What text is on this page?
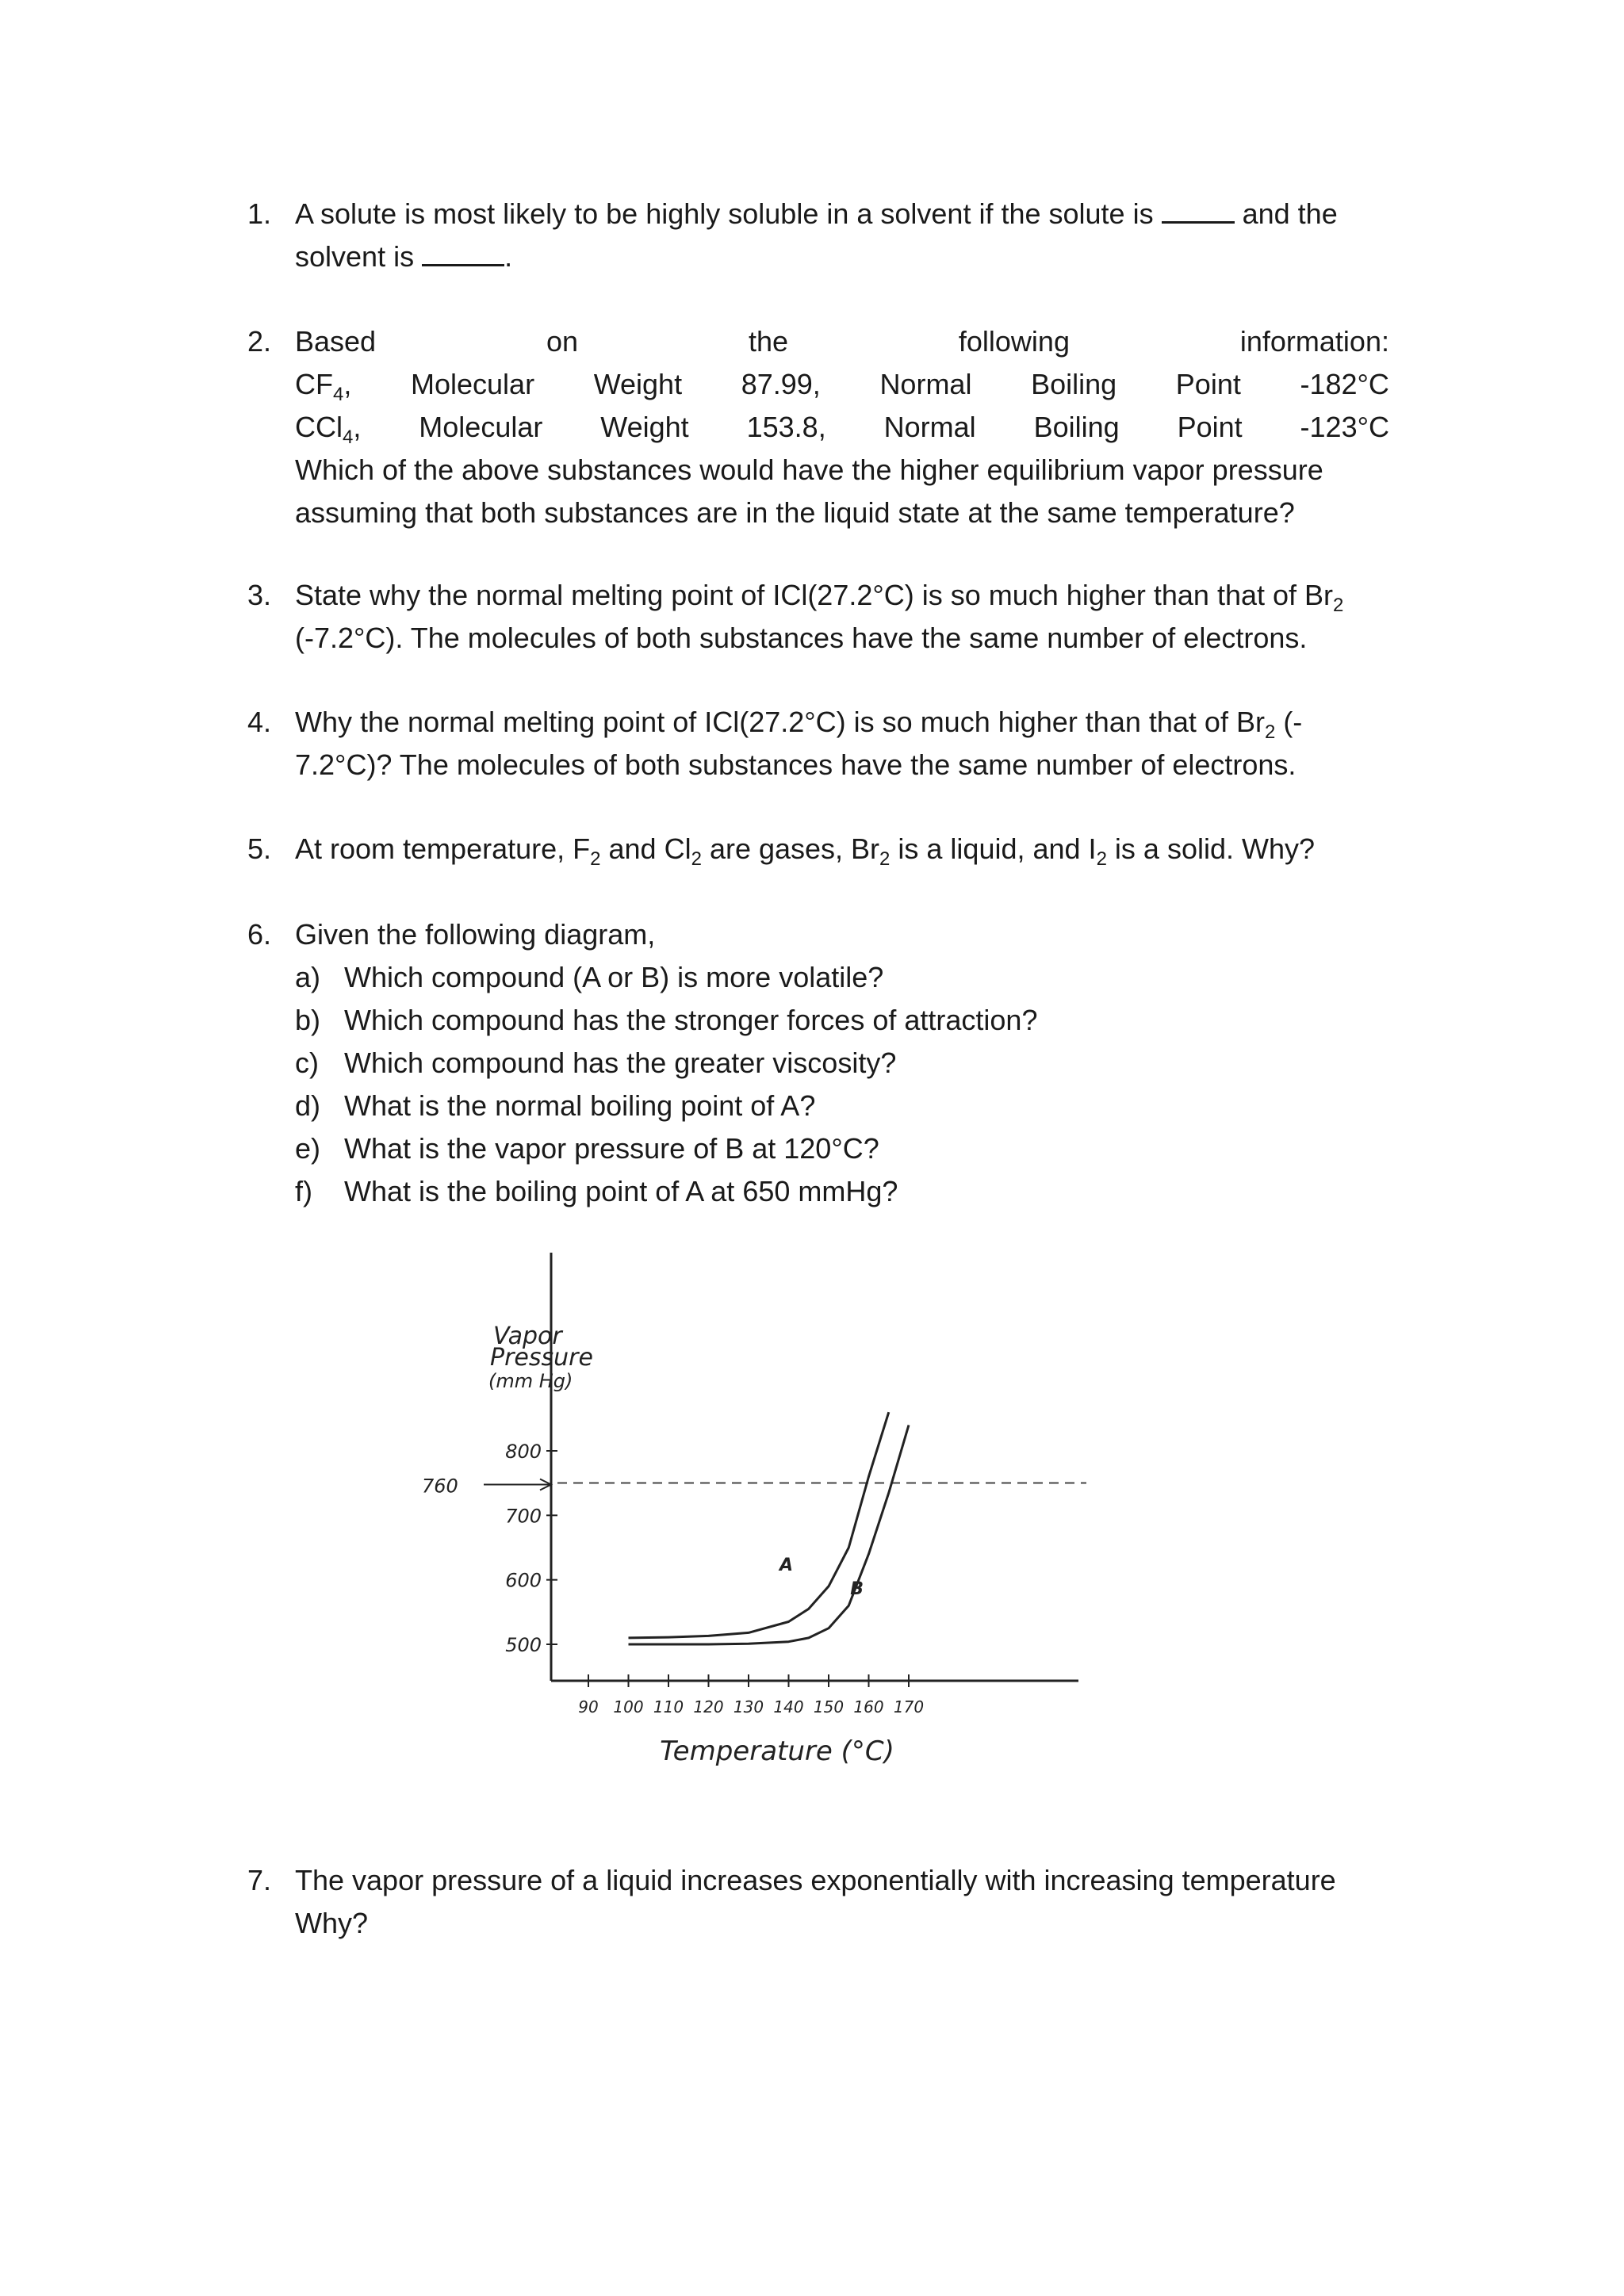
1. A solute is most likely to be highly soluble in a solvent if the solute is	and the
solvent is	.
2. Based	on	the	following	information:
$CF_4$, Molecular Weight 87.99, Normal Boiling Point -182°C
CCl$_4$, Molecular Weight 153.8, Normal Boiling Point -123°C
Which of the above substances would have the higher equilibrium vapor pressure
assuming that both substances are in the liquid state at the same temperature?
3. State why the normal melting point of ICl(27.2°C) is so much higher than that of $Br_2$
(-7.2°C). The molecules of both substances have the same number of electrons.
4. Why the normal melting point of ICl(27.2°C) is so much higher than that of $Br_2$ (-
7.2°C)? The molecules of both substances have the same number of electrons.
5. At room temperature, $F_2$ and $Cl_2$ are gases, $Br_2$ is a liquid, and $I_2$ is a solid. Why?
6. Given the following diagram,
a) Which compound (A or B) is more volatile?
b) Which compound has the stronger forces of attraction?
c) Which compound has the greater viscosity?
d) What is the normal boiling point of A?
e) What is the vapor pressure of B at 120°C?
f) What is the boiling point of A at 650 mmHg?
Vapor
Pressure
(mm Hg)
500
600
700
800
760
90 100 110 120 130 140 150 160 170
Temperature (°C)
A
B
7. The vapor pressure of a liquid increases exponentially with increasing temperature
Why?
